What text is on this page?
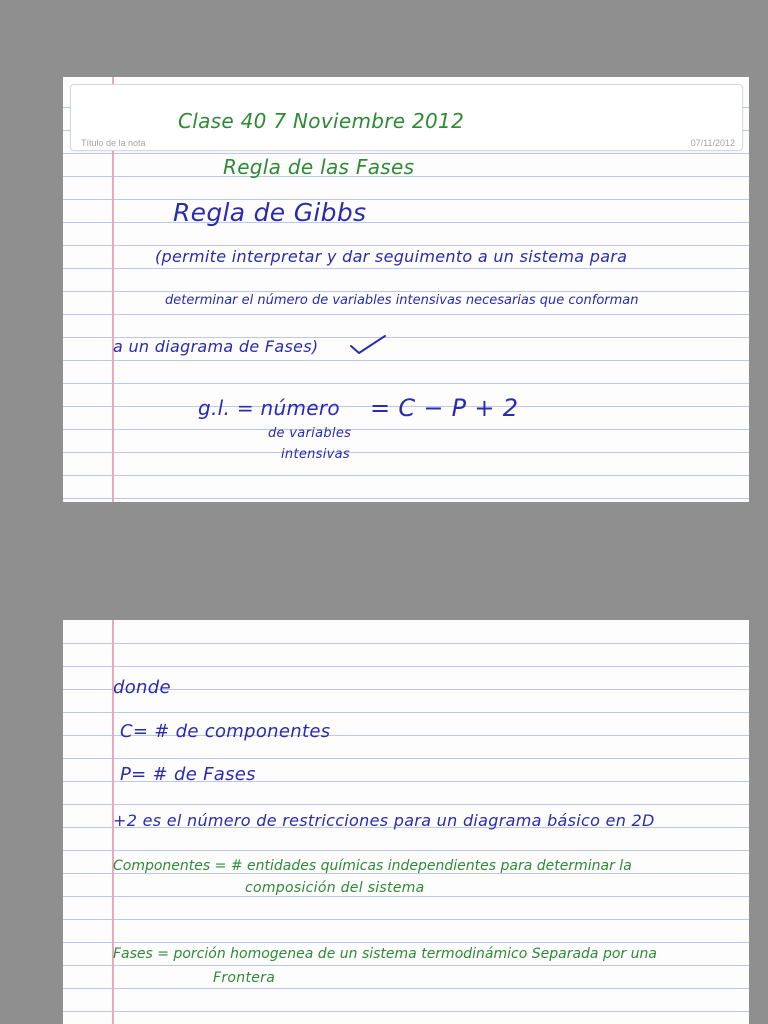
Título de la nota	07/11/2012
Clase 40 7 Noviembre 2012
Regla de las Fases
Regla de Gibbs
(permite interpretar y dar seguimento a un sistema para
determinar el número de variables intensivas necesarias que conforman
a un diagrama de Fases)
g.l. = número = C − P + 2
de variables
intensivas
donde
C= # de componentes
P= # de Fases
+2 es el número de restricciones para un diagrama básico en 2D
Componentes = # entidades químicas independientes para determinar la
composición del sistema
Fases = porción homogenea de un sistema termodinámico Separada por una
Frontera
